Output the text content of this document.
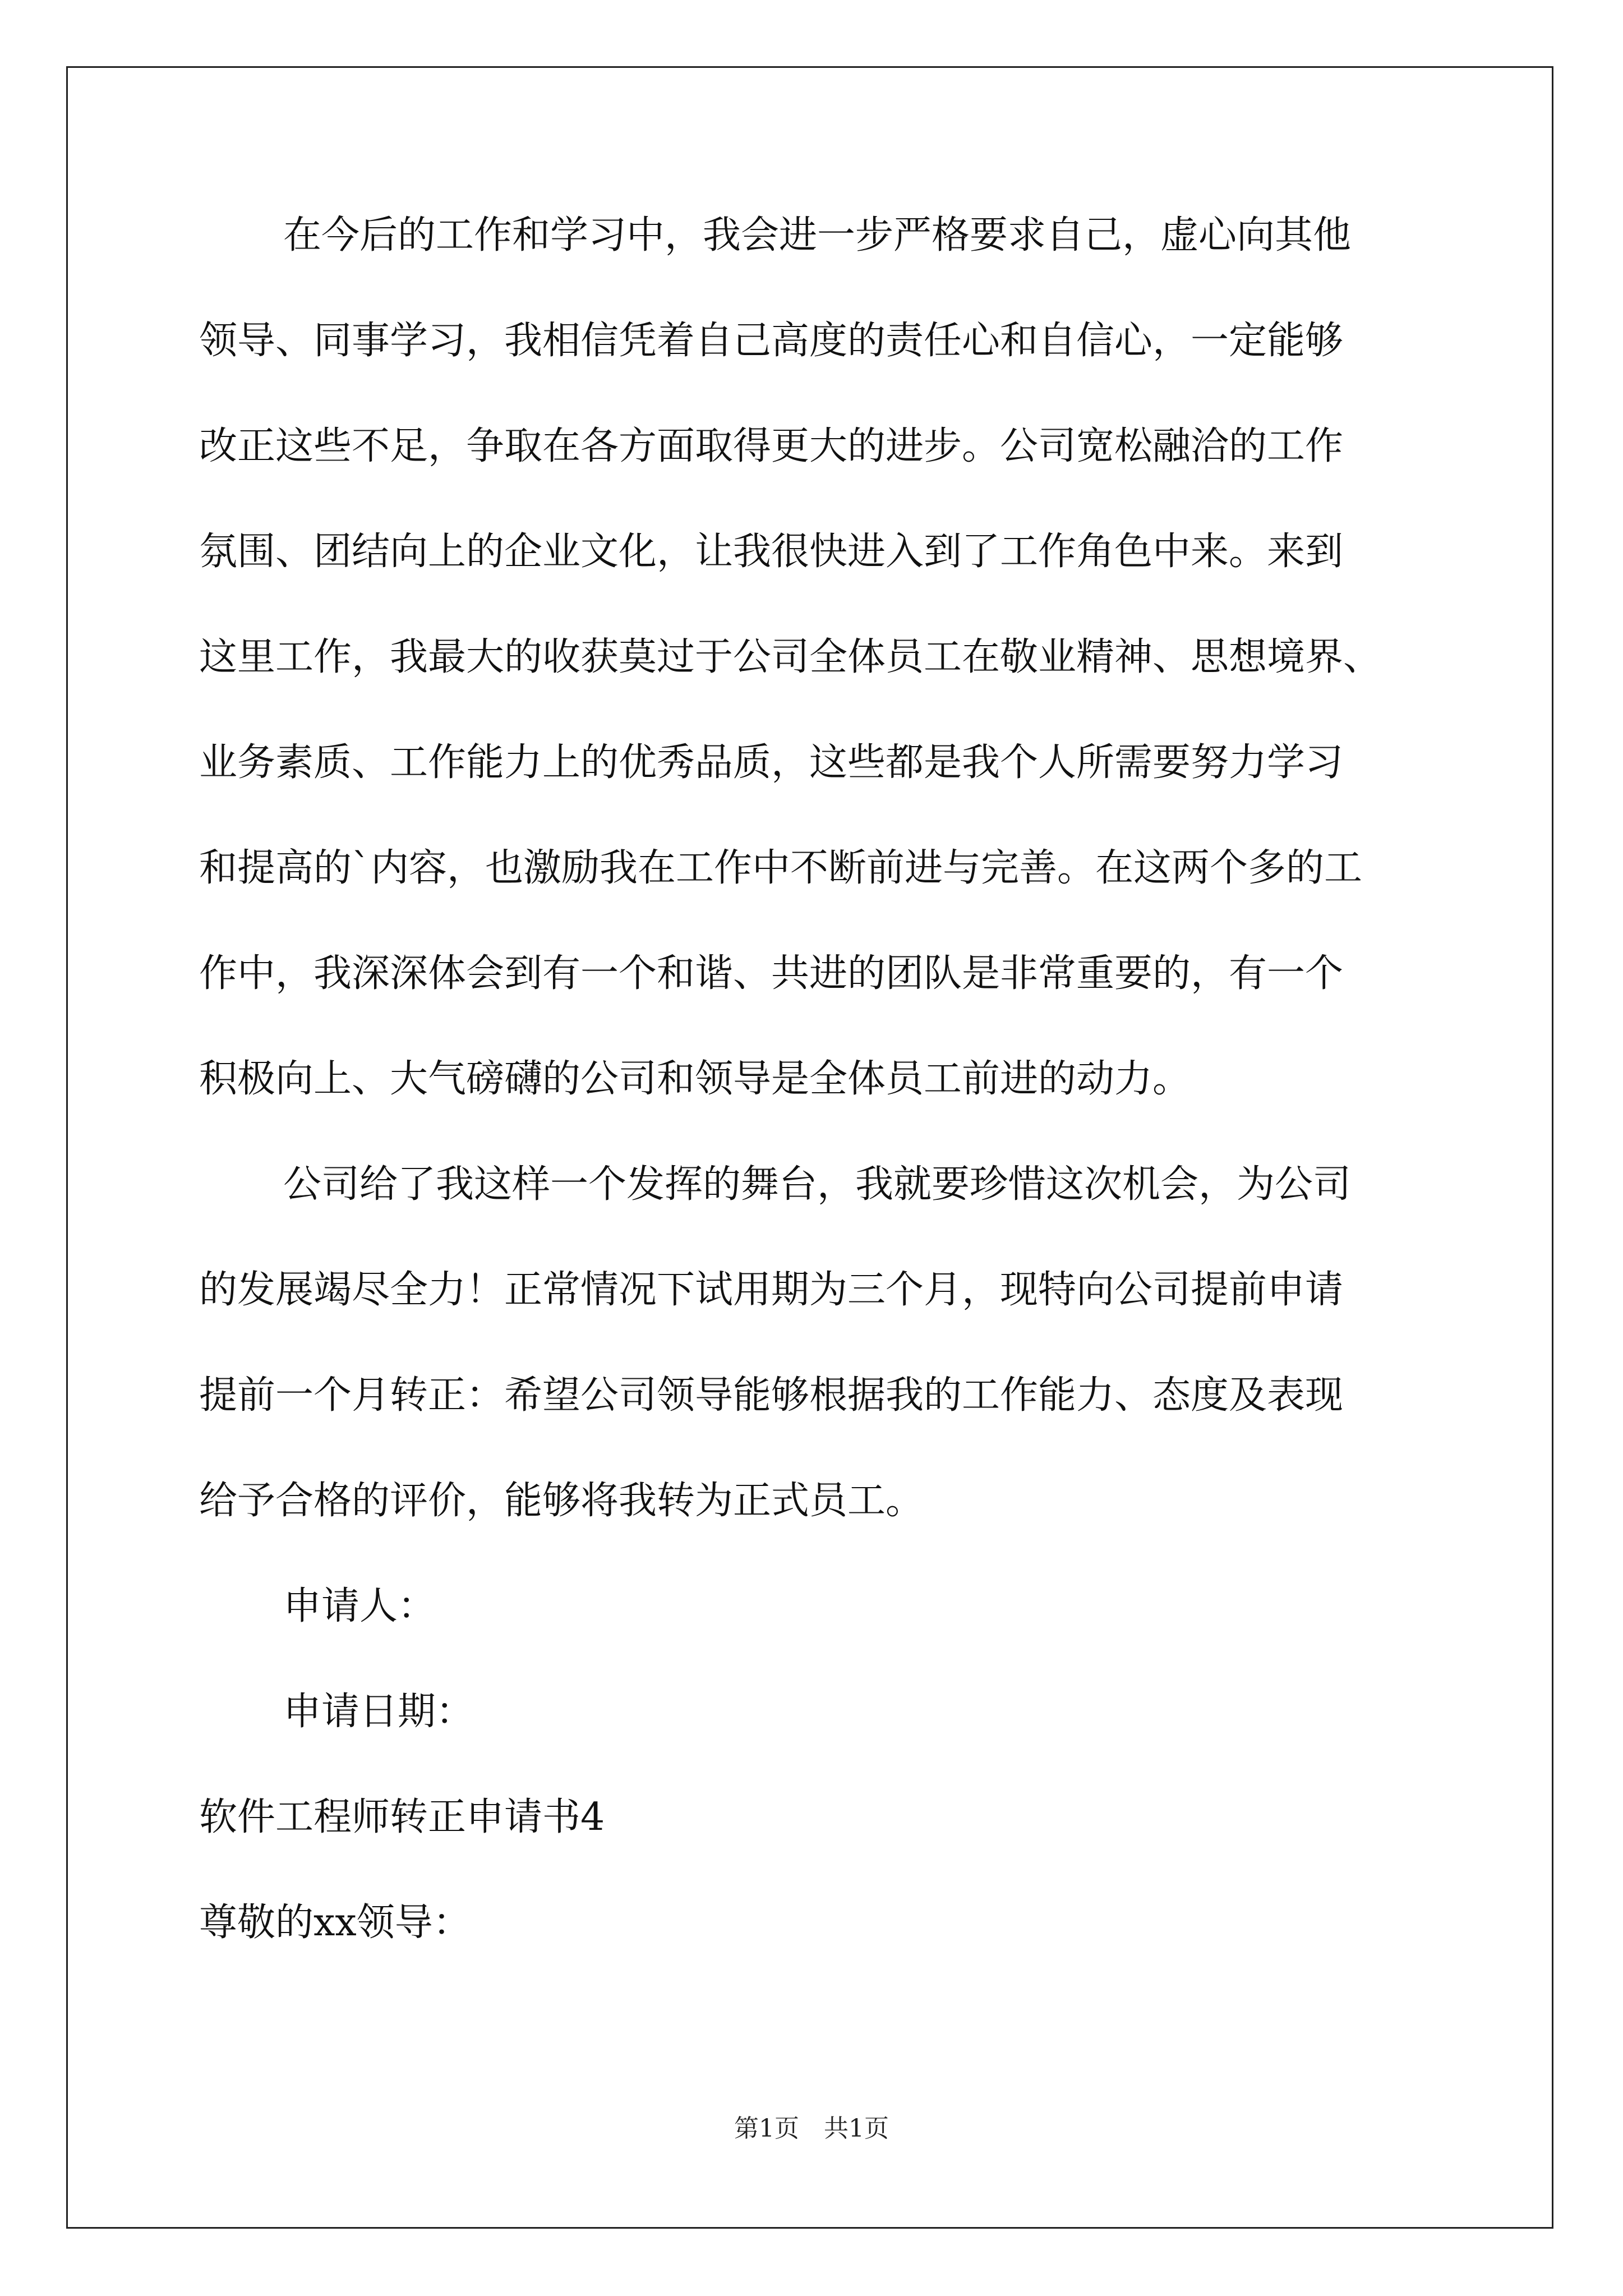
在今后的工作和学习中，我会进一步严格要求自己，虚心向其他
领导、同事学习，我相信凭着自己高度的责任心和自信心，一定能够
改正这些不足，争取在各方面取得更大的进步。公司宽松融洽的工作
氛围、团结向上的企业文化，让我很快进入到了工作角色中来。来到
这里工作，我最大的收获莫过于公司全体员工在敬业精神、思想境界、
业务素质、工作能力上的优秀品质，这些都是我个人所需要努力学习
和提高的`内容，也激励我在工作中不断前进与完善。在这两个多的工
作中，我深深体会到有一个和谐、共进的团队是非常重要的，有一个
积极向上、大气磅礴的公司和领导是全体员工前进的动力。
公司给了我这样一个发挥的舞台，我就要珍惜这次机会，为公司
的发展竭尽全力！正常情况下试用期为三个月，现特向公司提前申请
提前一个月转正：希望公司领导能够根据我的工作能力、态度及表现
给予合格的评价，能够将我转为正式员工。
申请人：
申请日期：
软件工程师转正申请书4
尊敬的xx领导：
第1页　共1页
